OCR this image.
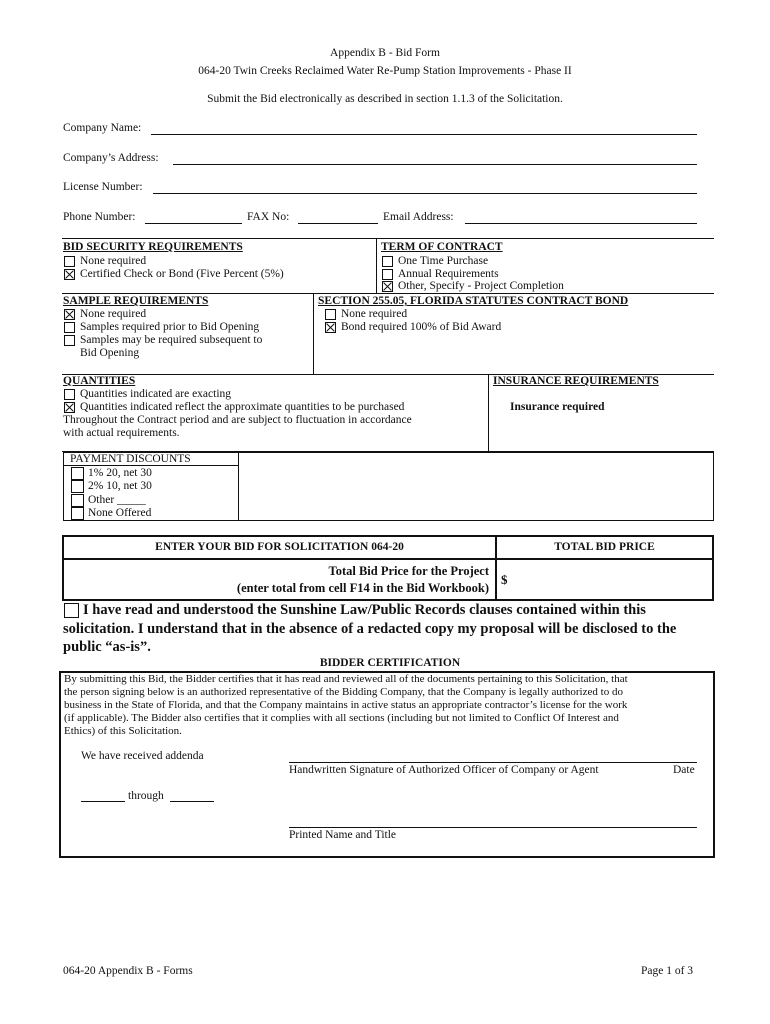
Appendix B - Bid Form
064-20 Twin Creeks Reclaimed Water Re-Pump Station Improvements - Phase II
Submit the Bid electronically as described in section 1.1.3 of the Solicitation.
Company Name:
Company’s Address:
License Number:
Phone Number:	FAX No:	Email Address:
BID SECURITY REQUIREMENTS
None required
Certified Check or Bond (Five Percent (5%)
TERM OF CONTRACT
One Time Purchase
Annual Requirements
Other, Specify - Project Completion
SAMPLE REQUIREMENTS
None required
Samples required prior to Bid Opening
Samples may be required subsequent to
Bid Opening
SECTION 255.05, FLORIDA STATUTES CONTRACT BOND
None required
Bond required 100% of Bid Award
QUANTITIES
Quantities indicated are exacting
Quantities indicated reflect the approximate quantities to be purchased
Throughout the Contract period and are subject to fluctuation in accordance
with actual requirements.
INSURANCE REQUIREMENTS
Insurance required
PAYMENT DISCOUNTS
1% 20, net 30
2% 10, net 30
Other _____
None Offered
ENTER YOUR BID FOR SOLICITATION 064-20	TOTAL BID PRICE
Total Bid Price for the Project
(enter total from cell F14 in the Bid Workbook)
$
I have read and understood the Sunshine Law/Public Records clauses contained within this
solicitation. I understand that in the absence of a redacted copy my proposal will be disclosed to the
public “as-is”.
BIDDER CERTIFICATION
By submitting this Bid, the Bidder certifies that it has read and reviewed all of the documents pertaining to this Solicitation, that
the person signing below is an authorized representative of the Bidding Company, that the Company is legally authorized to do
business in the State of Florida, and that the Company maintains in active status an appropriate contractor’s license for the work
(if applicable). The Bidder also certifies that it complies with all sections (including but not limited to Conflict Of Interest and
Ethics) of this Solicitation.
We have received addenda
Handwritten Signature of Authorized Officer of Company or Agent	Date
through
Printed Name and Title
064-20 Appendix B - Forms	Page 1 of 3
